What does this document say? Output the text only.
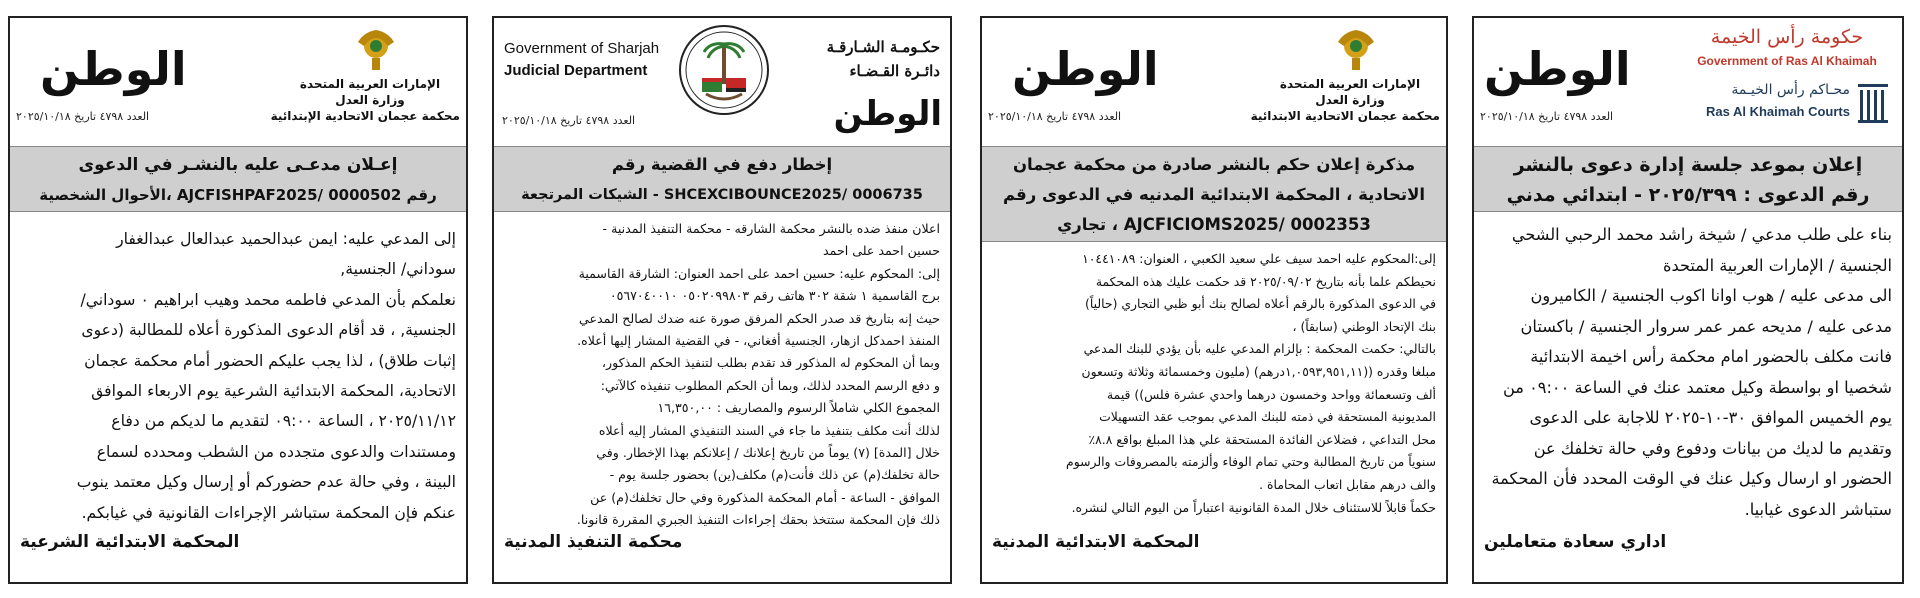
حكومة رأس الخيمة
Government of Ras Al Khaimah
محـاكم رأس الخيـمة
Ras Al Khaimah Courts
الوطن
العدد ٤٧٩٨ تاريخ ٢٠٢٥/١٠/١٨
إعلان بموعد جلسة إدارة دعوى بالنشر
رقم الدعوى : ٢٠٢٥/٣٩٩ - ابتدائي مدني

بناء على طلب مدعي / شيخة راشد محمد الرحبي الشحي

الجنسية / الإمارات العربية المتحدة

الى مدعى عليه / هوب اوانا اكوب الجنسية / الكاميرون

مدعى عليه / مديحه عمر عمر سروار الجنسية / باكستان

فانت مكلف بالحضور امام محكمة رأس اخيمة الابتدائية

شخصيا او بواسطة وكيل معتمد عنك في الساعة ٠٩:٠٠ من

يوم الخميس الموافق ٣٠-١٠-٢٠٢٥ للاجابة على الدعوى

وتقديم ما لديك من بيانات ودفوع وفي حالة تخلفك عن

الحضور او ارسال وكيل عنك في الوقت المحدد فأن المحكمة

ستباشر الدعوى غيابيا.

اداري سعادة متعاملين
الإمارات العربية المتحدة
وزارة العدل
محكمة عجمان الاتحادية الابتدائية
الوطن
العدد ٤٧٩٨ تاريخ ٢٠٢٥/١٠/١٨
مذكرة إعلان حكم بالنشر صادرة من محكمة عجمان
الاتحادية ، المحكمة الابتدائية المدنيه في الدعوى رقم
AJCFICIOMS2025/ 0002353 ، تجاري

إلى:المحكوم عليه احمد سيف علي سعيد الكعبي ، العنوان: ١٠٤٤١٠٨٩

نحيطكم علما بأنه بتاريخ ٢٠٢٥/٠٩/٠٢ قد حكمت عليك هذه المحكمة

في الدعوى المذكورة بالرقم أعلاه لصالح بنك أبو ظبي التجاري (حالياً)

بنك الإتحاد الوطني (سابقاً) ،

بالتالي: حكمت المحكمة : بإلزام المدعي عليه بأن يؤدي للبنك المدعي

مبلغا وقدره ((١,٠٥٩٣,٩٥١,١١درهم) (مليون وخمسمائة وثلاثة وتسعون

ألف وتسعمائة وواحد وخمسون درهما واحدي عشرة فلس)) قيمة

المديونية المستحقة في ذمته للبنك المدعي بموجب عقد التسهيلات

محل التداعي ، فضلاعن الفائدة المستحقة علي هذا المبلغ بواقع ٨.٨٪

سنوياً من تاريخ المطالبة وحتي تمام الوفاء وألزمته بالمصروفات والرسوم

والف درهم مقابل اتعاب المحاماة .

حكماً قابلاً للاستئناف خلال المدة القانونية اعتباراً من اليوم التالي لنشره.

المحكمة الابتدائية المدنية
حكـومـة الشـارقـة
دائـرة القـضـاء
Government of Sharjah
Judicial Department
الوطن
العدد ٤٧٩٨ تاريخ ٢٠٢٥/١٠/١٨
إخطار دفع في القضية رقم
SHCEXCIBOUNCE2025/ 0006735 - الشيكات المرتجعة

اعلان منفذ ضده بالنشر محكمة الشارقه - محكمة التنفيذ المدنية -

حسين احمد على احمد

إلى: المحكوم عليه: حسين احمد على احمد العنوان: الشارقة القاسمية

برج القاسمية ١ شقة ٣٠٢ هاتف رقم ٠٥٠٢٠٩٩٨٠٣ ٠٥٦٧٠٤٠٠١٠

حيث إنه بتاريخ قد صدر الحكم المرفق صورة عنه ضدك لصالح المدعي

المنفذ احمدكل ازهار، الجنسية أفغاني، - في القضية المشار إليها أعلاه.

وبما أن المحكوم له المذكور قد تقدم بطلب لتنفيذ الحكم المذكور،

و دفع الرسم المحدد لذلك، وبما أن الحكم المطلوب تنفيذه كالآتي:

المجموع الكلي شاملاً الرسوم والمصاريف : ١٦,٣٥٠,٠٠

لذلك أنت مكلف بتنفيذ ما جاء في السند التنفيذي المشار إليه أعلاه

خلال [المدة] (٧) يوماً من تاريخ إعلانك / إعلانكم بهذا الإخطار. وفي

حالة تخلفك(م) عن ذلك فأنت(م) مكلف(ين) بحضور جلسة يوم -

الموافق - الساعة - أمام المحكمة المذكورة وفي حال تخلفك(م) عن

ذلك فإن المحكمة ستتخذ بحقك إجراءات التنفيذ الجبري المقررة قانونا.

محكمة التنفيذ المدنية
الإمارات العربية المتحدة
وزارة العدل
محكمة عجمان الاتحادية الإبتدائية
الوطن
العدد ٤٧٩٨ تاريخ ٢٠٢٥/١٠/١٨
إعـلان مدعـى عليه بالنشـر في الدعوى
رقم AJCFISHPAF2025/ 0000502 ،الأحوال الشخصية

إلى المدعي عليه: ايمن عبدالحميد عبدالعال عبدالغفار

سوداني/ الجنسية,

نعلمكم بأن المدعي فاطمه محمد وهيب ابراهيم ٠ سوداني/

الجنسية, ، قد أقام الدعوى المذكورة أعلاه للمطالبة (دعوى

إثبات طلاق) ، لذا يجب عليكم الحضور أمام محكمة عجمان

الاتحادية، المحكمة الابتدائية الشرعية يوم الاربعاء الموافق

٢٠٢٥/١١/١٢ ، الساعة ٠٩:٠٠ لتقديم ما لديكم من دفاع

ومستندات والدعوى متجدده من الشطب ومحدده لسماع

البينة ، وفي حالة عدم حضوركم أو إرسال وكيل معتمد ينوب

عنكم فإن المحكمة ستباشر الإجراءات القانونية في غيابكم.

المحكمة الابتدائية الشرعية
